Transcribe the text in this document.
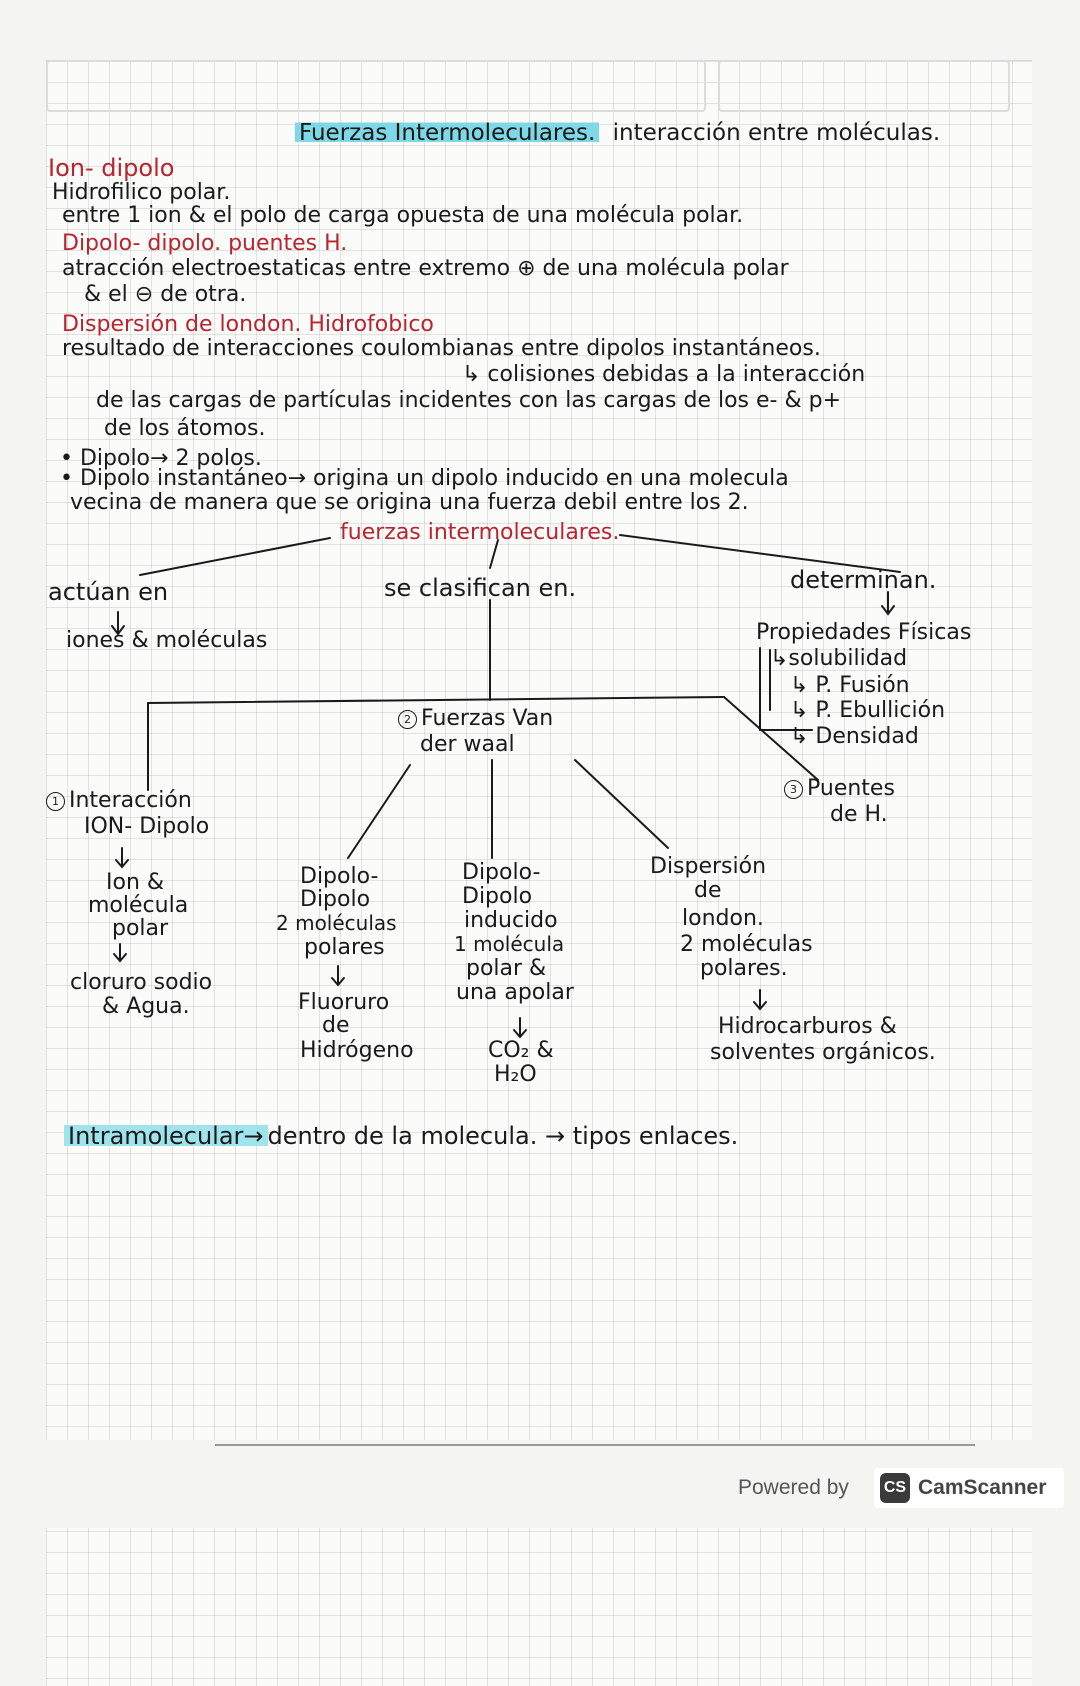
Fuerzas Intermoleculares. interacción entre moléculas.
Ion- dipolo
Hidrofilico polar.
entre 1 ion & el polo de carga opuesta de una molécula polar.
Dipolo- dipolo. puentes H.
atracción electroestaticas entre extremo ⊕ de una molécula polar
& el ⊖ de otra.
Dispersión de london. Hidrofobico
resultado de interacciones coulombianas entre dipolos instantáneos.
↳ colisiones debidas a la interacción
de las cargas de partículas incidentes con las cargas de los e- & p+
de los átomos.
• Dipolo→ 2 polos.
• Dipolo instantáneo→ origina un dipolo inducido en una molecula
vecina de manera que se origina una fuerza debil entre los 2.
fuerzas intermoleculares.
actúan en
iones & moléculas
se clasifican en.	determinan.
Propiedades Físicas
↳solubilidad
↳ P. Fusión
↳ P. Ebullición
↳ Densidad
1 Interacción
ION- Dipolo
Ion &
molécula
polar
cloruro sodio
& Agua.
2 Fuerzas Van
der waal
3 Puentes
de H.
Dipolo-
Dipolo
2 moléculas
polares
Fluoruro
de
Hidrógeno
Dipolo-
Dipolo
inducido
1 molécula
polar &
una apolar
CO₂ &
H₂O
Dispersión
de
london.
2 moléculas
polares.
Hidrocarburos &
solventes orgánicos.
Intramolecular→ dentro de la molecula. → tipos enlaces.
Powered by CS CamScanner
